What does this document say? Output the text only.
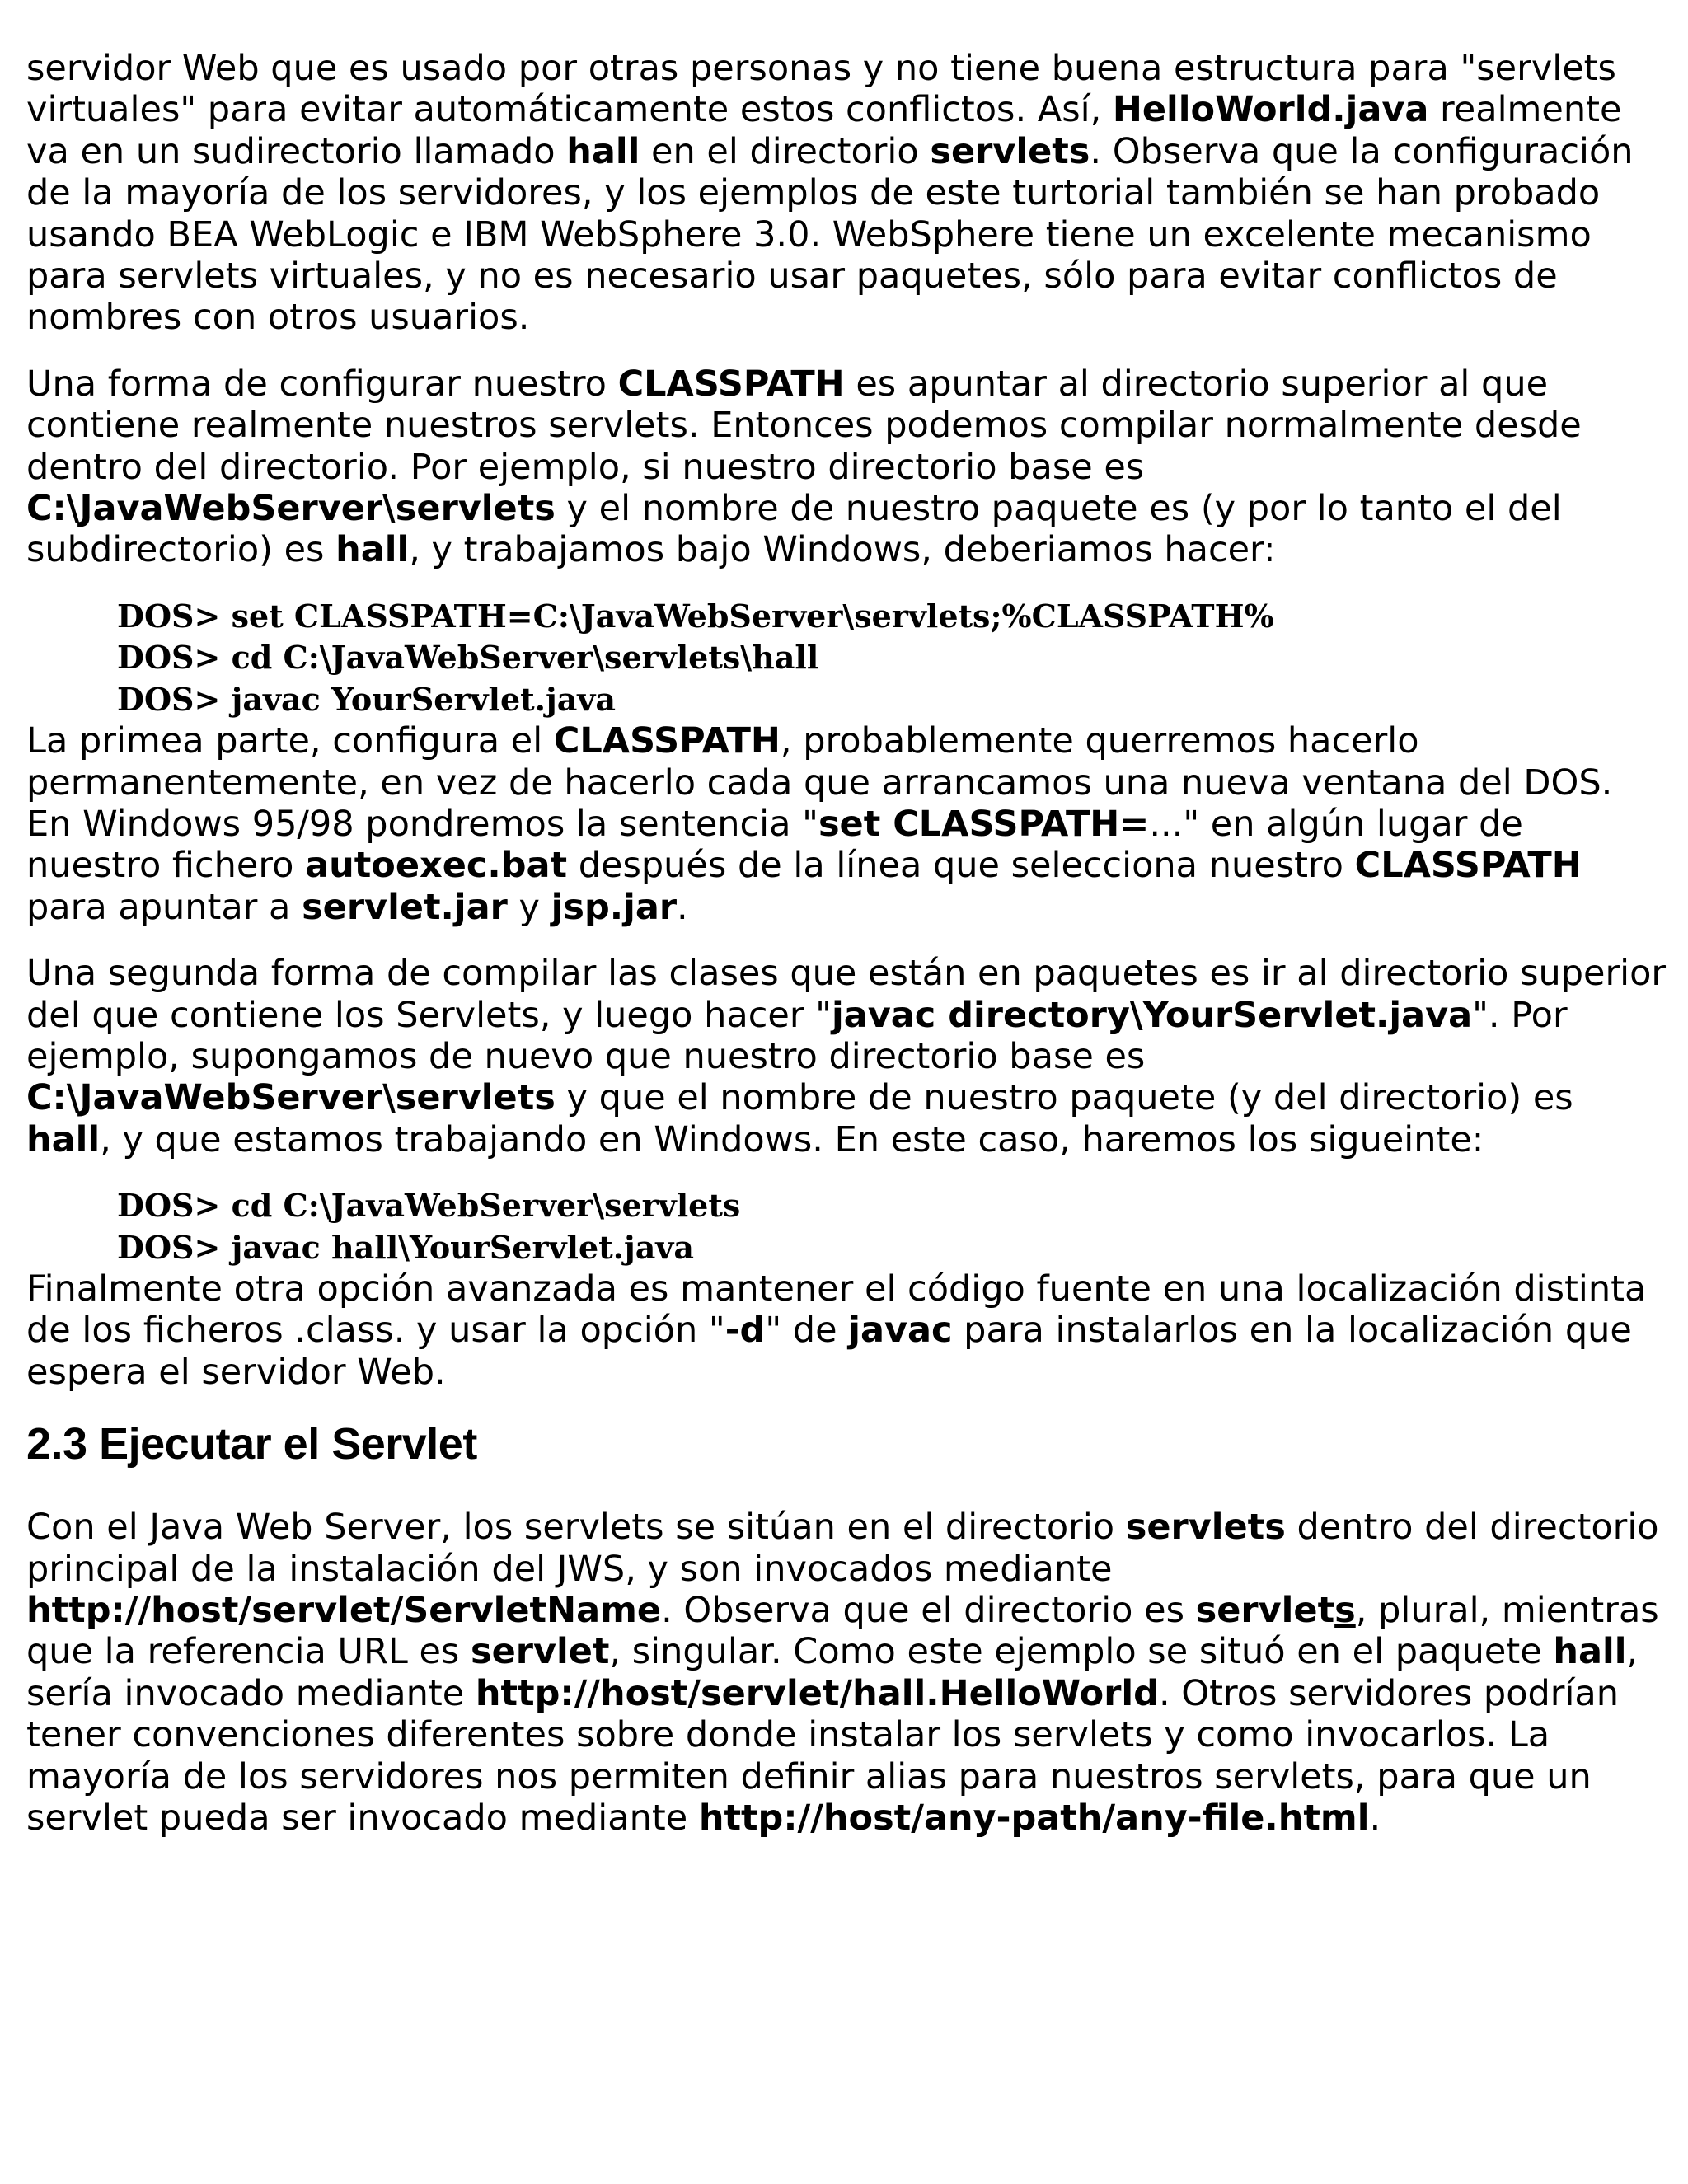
servidor Web que es usado por otras personas y no tiene buena estructura para "servlets virtuales" para evitar automáticamente estos conflictos. Así, HelloWorld.java realmente va en un sudirectorio llamado hall en el directorio servlets. Observa que la configuración de la mayoría de los servidores, y los ejemplos de este turtorial también se han probado usando BEA WebLogic e IBM WebSphere 3.0. WebSphere tiene un excelente mecanismo para servlets virtuales, y no es necesario usar paquetes, sólo para evitar conflictos de nombres con otros usuarios.

Una forma de configurar nuestro CLASSPATH es apuntar al directorio superior al que contiene realmente nuestros servlets. Entonces podemos compilar normalmente desde dentro del directorio. Por ejemplo, si nuestro directorio base es C:\JavaWebServer\servlets y el nombre de nuestro paquete es (y por lo tanto el del subdirectorio) es hall, y trabajamos bajo Windows, deberiamos hacer:

DOS> set CLASSPATH=C:\JavaWebServer\servlets;%CLASSPATH%
DOS> cd C:\JavaWebServer\servlets\hall
DOS> javac YourServlet.java

La primea parte, configura el CLASSPATH, probablemente querremos hacerlo permanentemente, en vez de hacerlo cada que arrancamos una nueva ventana del DOS. En Windows 95/98 pondremos la sentencia "set CLASSPATH=..." en algún lugar de nuestro fichero autoexec.bat después de la línea que selecciona nuestro CLASSPATH para apuntar a servlet.jar y jsp.jar.

Una segunda forma de compilar las clases que están en paquetes es ir al directorio superior del que contiene los Servlets, y luego hacer "javac directory\YourServlet.java". Por ejemplo, supongamos de nuevo que nuestro directorio base es C:\JavaWebServer\servlets y que el nombre de nuestro paquete (y del directorio) es hall, y que estamos trabajando en Windows. En este caso, haremos los sigueinte:

DOS> cd C:\JavaWebServer\servlets
DOS> javac hall\YourServlet.java

Finalmente otra opción avanzada es mantener el código fuente en una localización distinta de los ficheros .class. y usar la opción "-d" de javac para instalarlos en la localización que espera el servidor Web.

2.3 Ejecutar el Servlet

Con el Java Web Server, los servlets se sitúan en el directorio servlets dentro del directorio principal de la instalación del JWS, y son invocados mediante http://host/servlet/ServletName. Observa que el directorio es servlets, plural, mientras que la referencia URL es servlet, singular. Como este ejemplo se situó en el paquete hall, sería invocado mediante http://host/servlet/hall.HelloWorld. Otros servidores podrían tener convenciones diferentes sobre donde instalar los servlets y como invocarlos. La mayoría de los servidores nos permiten definir alias para nuestros servlets, para que un servlet pueda ser invocado mediante http://host/any-path/any-file.html.
